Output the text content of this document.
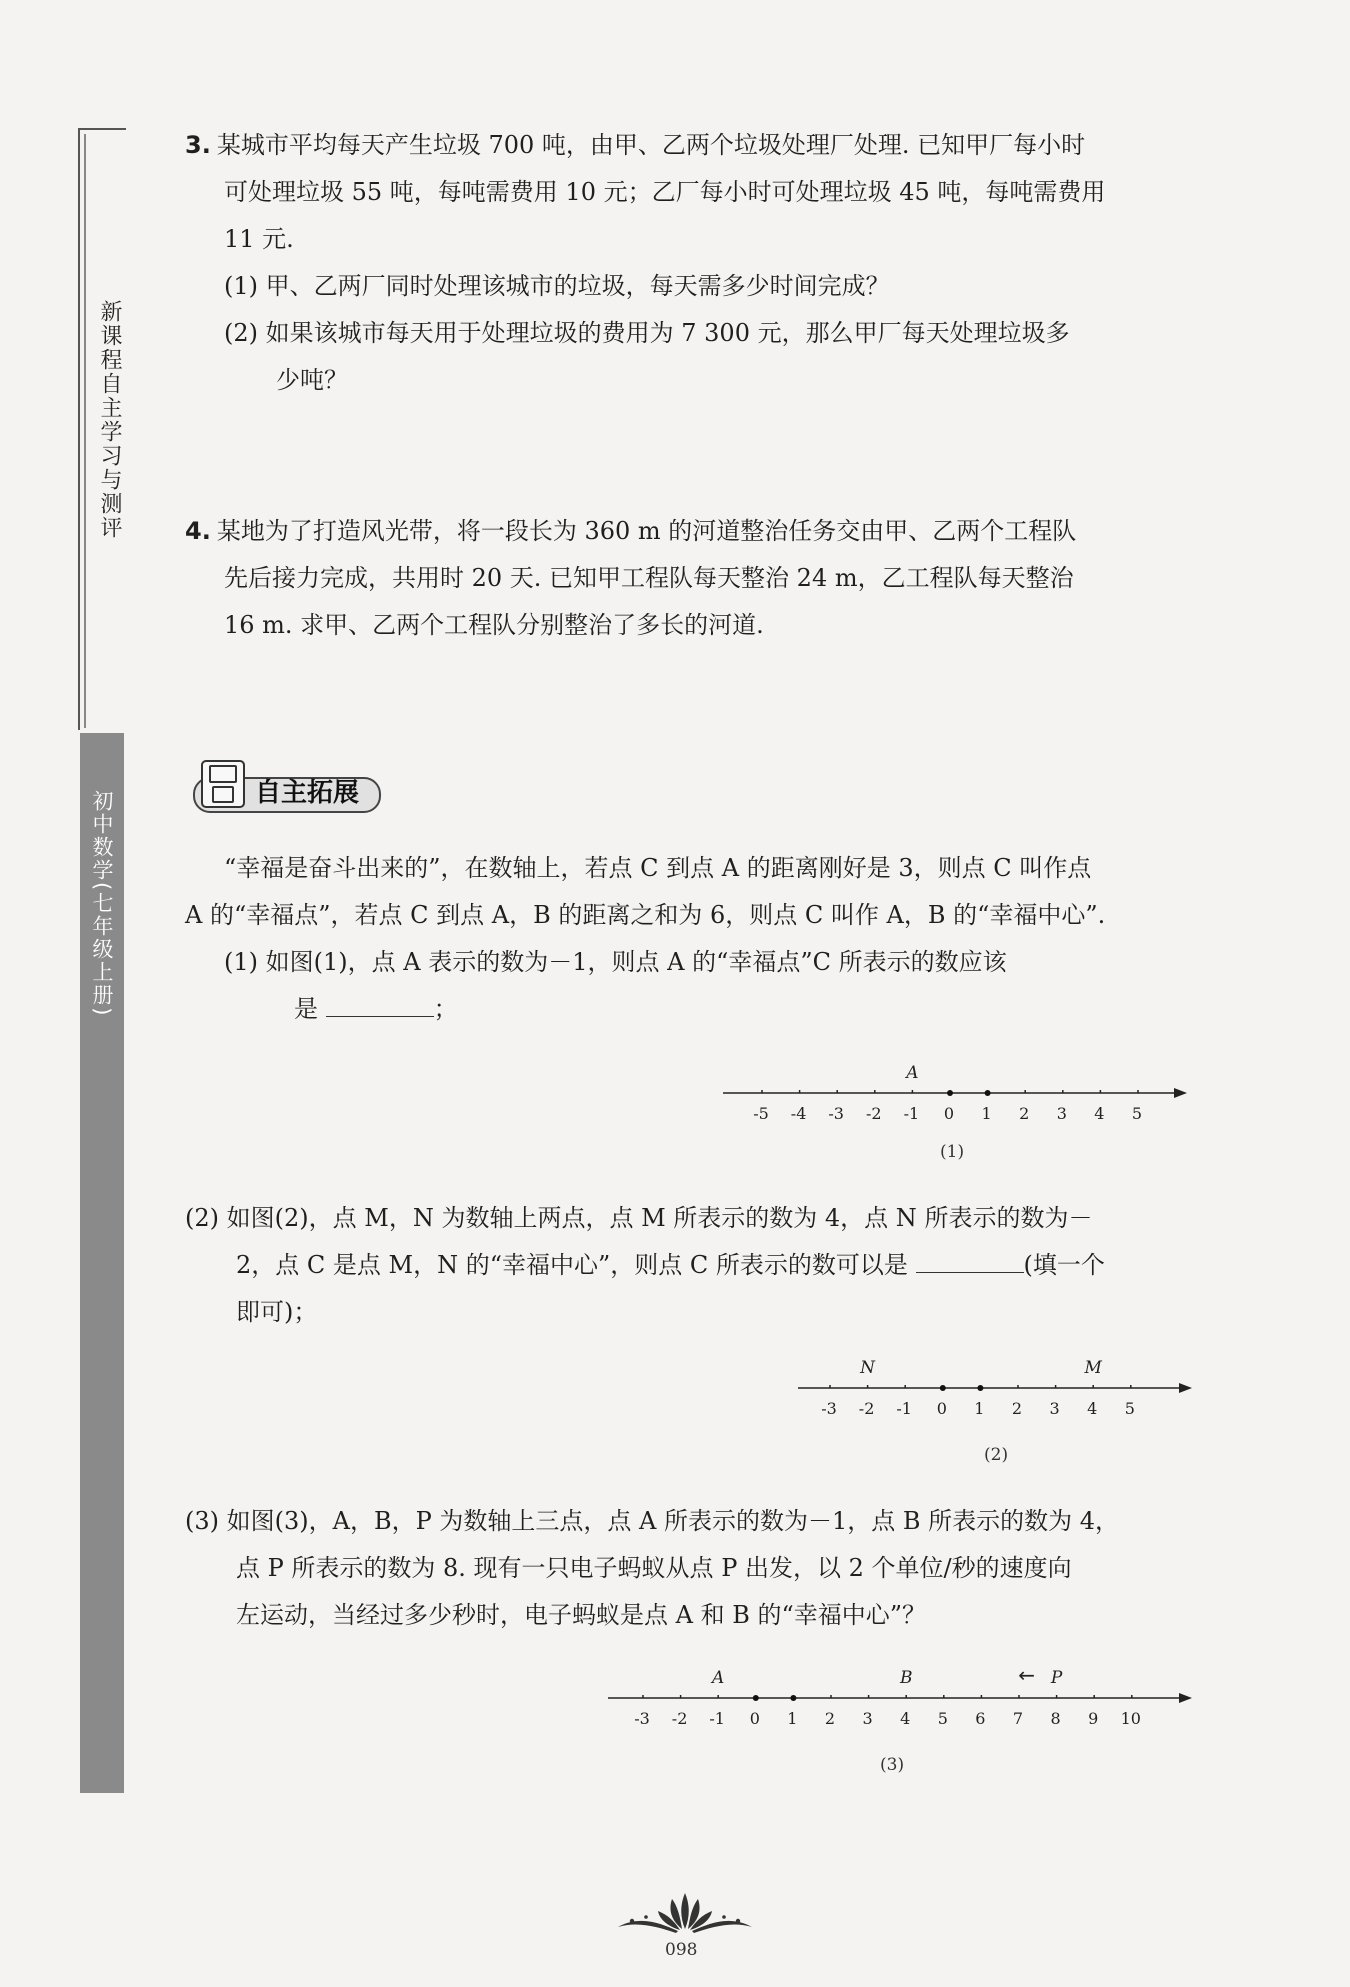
新课程自主学习与测评
初中数学(七年级上册)

3. 某城市平均每天产生垃圾 700 吨，由甲、乙两个垃圾处理厂处理. 已知甲厂每小时

可处理垃圾 55 吨，每吨需费用 10 元；乙厂每小时可处理垃圾 45 吨，每吨需费用

11 元.

(1) 甲、乙两厂同时处理该城市的垃圾，每天需多少时间完成？

(2) 如果该城市每天用于处理垃圾的费用为 7 300 元，那么甲厂每天处理垃圾多

少吨？

4. 某地为了打造风光带，将一段长为 360 m 的河道整治任务交由甲、乙两个工程队

先后接力完成，共用时 20 天. 已知甲工程队每天整治 24 m，乙工程队每天整治

16 m. 求甲、乙两个工程队分别整治了多长的河道.

自主拓展

“幸福是奋斗出来的”，在数轴上，若点 C 到点 A 的距离刚好是 3，则点 C 叫作点

A 的“幸福点”，若点 C 到点 A，B 的距离之和为 6，则点 C 叫作 A，B 的“幸福中心”.

(1) 如图(1)，点 A 表示的数为－1，则点 A 的“幸福点”C 所表示的数应该

是	；

(2) 如图(2)，点 M，N 为数轴上两点，点 M 所表示的数为 4，点 N 所表示的数为－

2，点 C 是点 M，N 的“幸福中心”，则点 C 所表示的数可以是	(填一个

即可)；

(3) 如图(3)，A，B，P 为数轴上三点，点 A 所表示的数为－1，点 B 所表示的数为 4，

点 P 所表示的数为 8. 现有一只电子蚂蚁从点 P 出发，以 2 个单位/秒的速度向

左运动，当经过多少秒时，电子蚂蚁是点 A 和 B 的“幸福中心”？

-5 -4 -3 -2 -1 0 1 2 3 4 5
A
(1)
-3 -2 -1 0 1 2 3 4 5
N	M
(2)
-3 -2 -1 0 1 2 3 4 5 6 7 8 9 10
A	B	P
←
(3)
098
